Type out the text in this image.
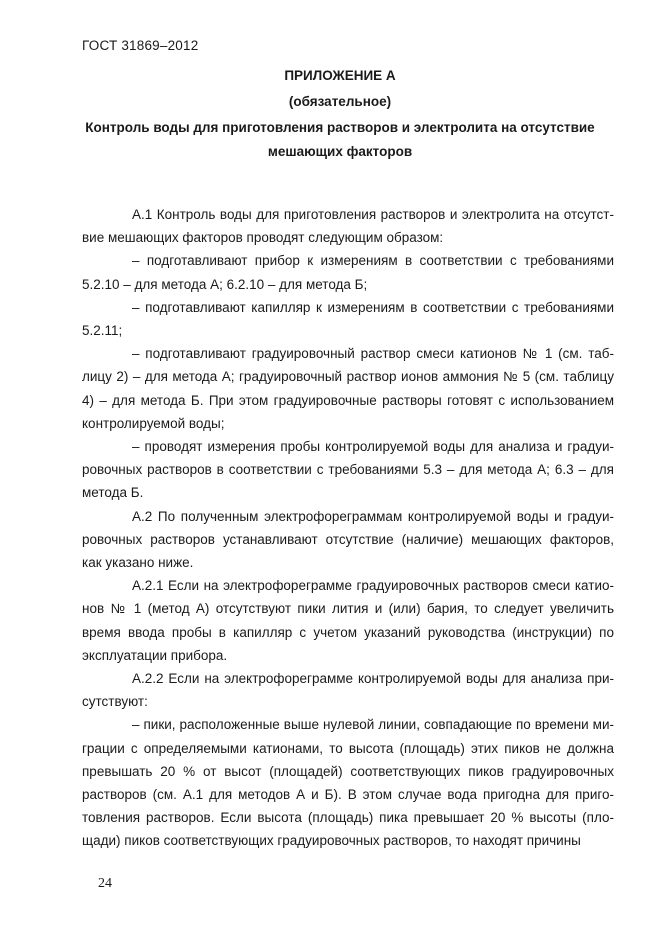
ГОСТ 31869–2012
ПРИЛОЖЕНИЕ А
(обязательное)
Контроль воды для приготовления растворов и электролита на отсутствие
мешающих факторов

А.1 Контроль воды для приготовления растворов и электролита на отсутст-
вие мешающих факторов проводят следующим образом:

– подготавливают прибор к измерениям в соответствии с требованиями
5.2.10 – для метода А; 6.2.10 – для метода Б;

– подготавливают капилляр к измерениям в соответствии с требованиями
5.2.11;

– подготавливают градуировочный раствор смеси катионов № 1 (см. таб-
лицу 2) – для метода А; градуировочный раствор ионов аммония № 5 (см. таблицу
4) – для метода Б. При этом градуировочные растворы готовят с использованием
контролируемой воды;

– проводят измерения пробы контролируемой воды для анализа и градуи-
ровочных растворов в соответствии с требованиями 5.3 – для метода А; 6.3 – для
метода Б.

А.2 По полученным электрофореграммам контролируемой воды и градуи-
ровочных растворов устанавливают отсутствие (наличие) мешающих факторов,
как указано ниже.

А.2.1 Если на электрофореграмме градуировочных растворов смеси катио-
нов № 1 (метод А) отсутствуют пики лития и (или) бария, то следует увеличить
время ввода пробы в капилляр с учетом указаний руководства (инструкции) по
эксплуатации прибора.

А.2.2 Если на электрофореграмме контролируемой воды для анализа при-
сутствуют:

– пики, расположенные выше нулевой линии, совпадающие по времени ми-
грации с определяемыми катионами, то высота (площадь) этих пиков не должна
превышать 20 % от высот (площадей) соответствующих пиков градуировочных
растворов (см. А.1 для методов А и Б). В этом случае вода пригодна для приго-
товления растворов. Если высота (площадь) пика превышает 20 % высоты (пло-
щади) пиков соответствующих градуировочных растворов, то находят причины

24
